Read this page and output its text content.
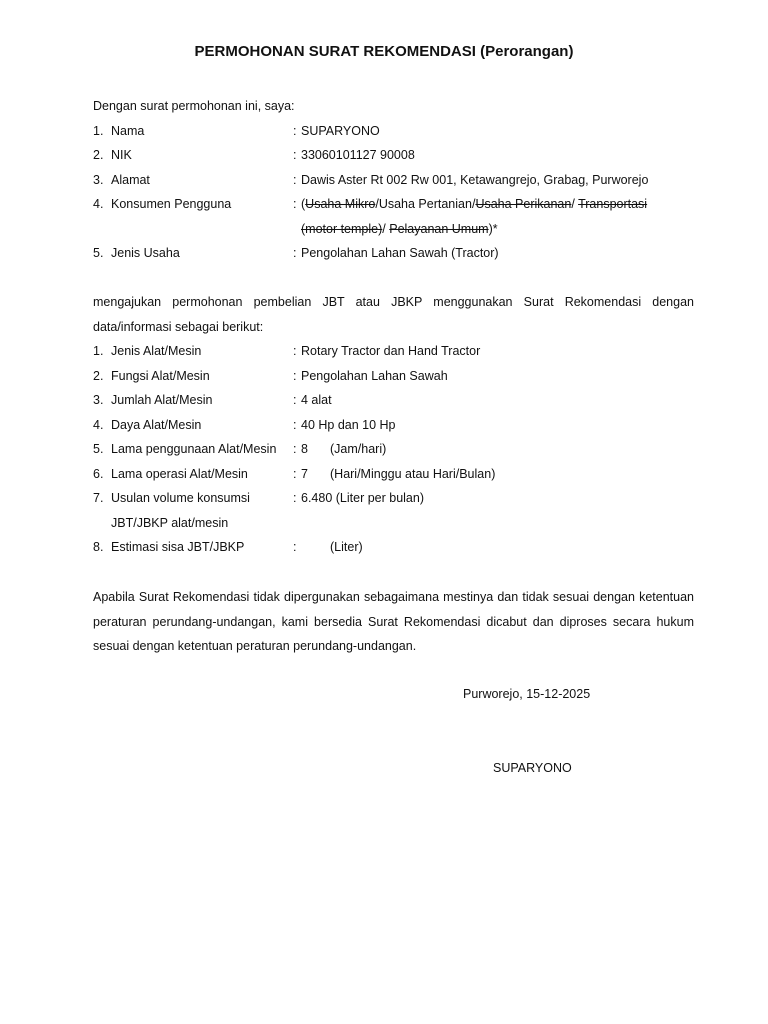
PERMOHONAN SURAT REKOMENDASI (Perorangan)
Dengan surat permohonan ini, saya:
1. Nama	: SUPARYONO
2. NIK	: 33060101127 90008
3. Alamat	: Dawis Aster Rt 002 Rw 001, Ketawangrejo, Grabag, Purworejo
4. Konsumen Pengguna	: (Usaha Mikro/Usaha Pertanian/Usaha Perikanan/ Transportasi
(motor temple)/ Pelayanan Umum)*
5. Jenis Usaha	: Pengolahan Lahan Sawah (Tractor)

mengajukan permohonan pembelian JBT atau JBKP menggunakan Surat Rekomendasi dengan data/informasi sebagai berikut:

1. Jenis Alat/Mesin	: Rotary Tractor dan Hand Tractor
2. Fungsi Alat/Mesin	: Pengolahan Lahan Sawah
3. Jumlah Alat/Mesin	: 4 alat
4. Daya Alat/Mesin	: 40 Hp dan 10 Hp
5. Lama penggunaan Alat/Mesin : 8 (Jam/hari)
6. Lama operasi Alat/Mesin	: 7 (Hari/Minggu atau Hari/Bulan)
7. Usulan volume konsumsi	: 6.480 (Liter per bulan)
JBT/JBKP alat/mesin
8. Estimasi sisa JBT/JBKP	:	(Liter)

Apabila Surat Rekomendasi tidak dipergunakan sebagaimana mestinya dan tidak sesuai dengan ketentuan peraturan perundang-undangan, kami bersedia Surat Rekomendasi dicabut dan diproses secara hukum sesuai dengan ketentuan peraturan perundang-undangan.

Purworejo, 15-12-2025
SUPARYONO
